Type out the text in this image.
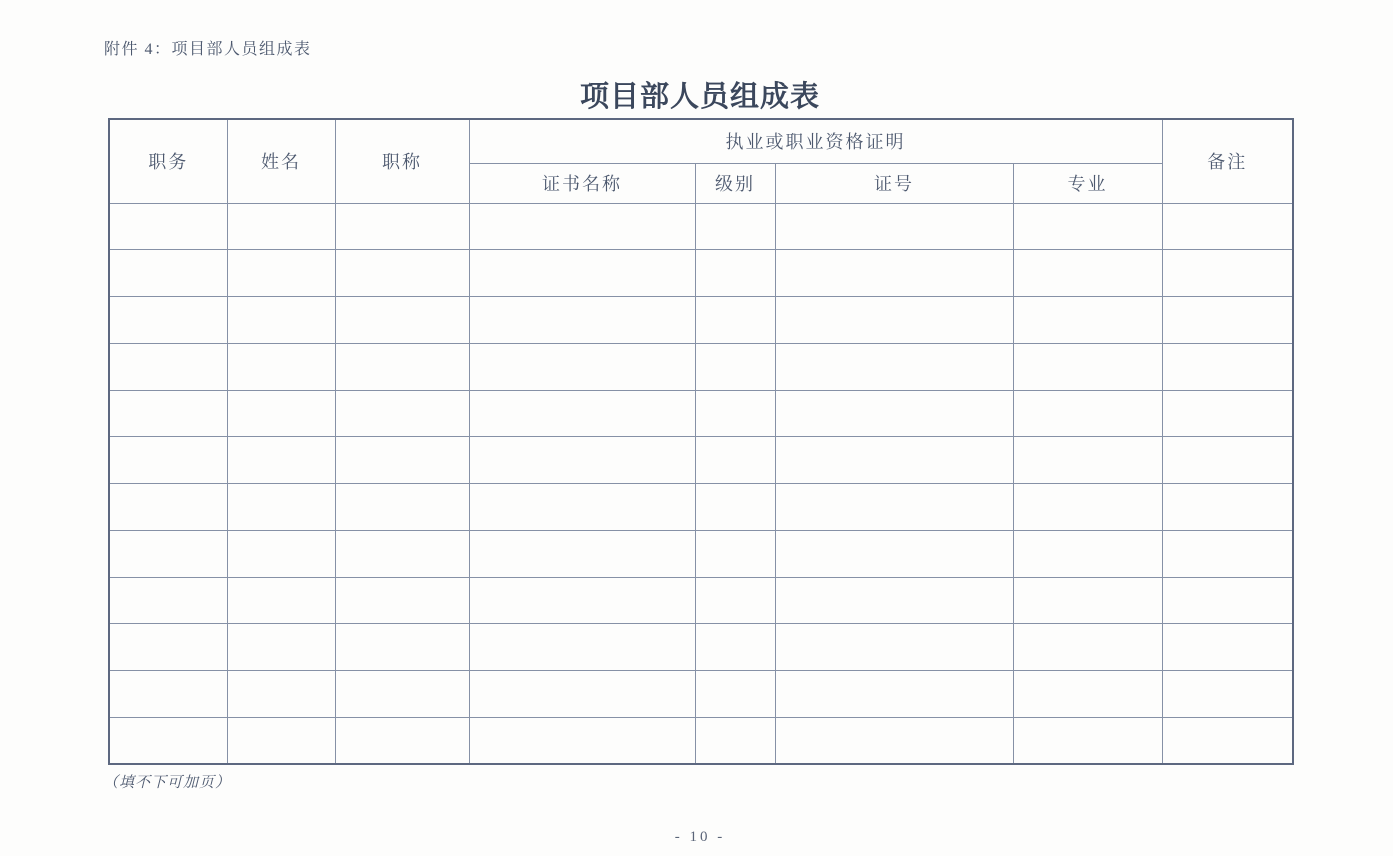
附件 4：项目部人员组成表
项目部人员组成表
职务	姓名	职称	执业或职业资格证明				备注
			证书名称	级别	证号	专业	

（填不下可加页）
- 10 -
